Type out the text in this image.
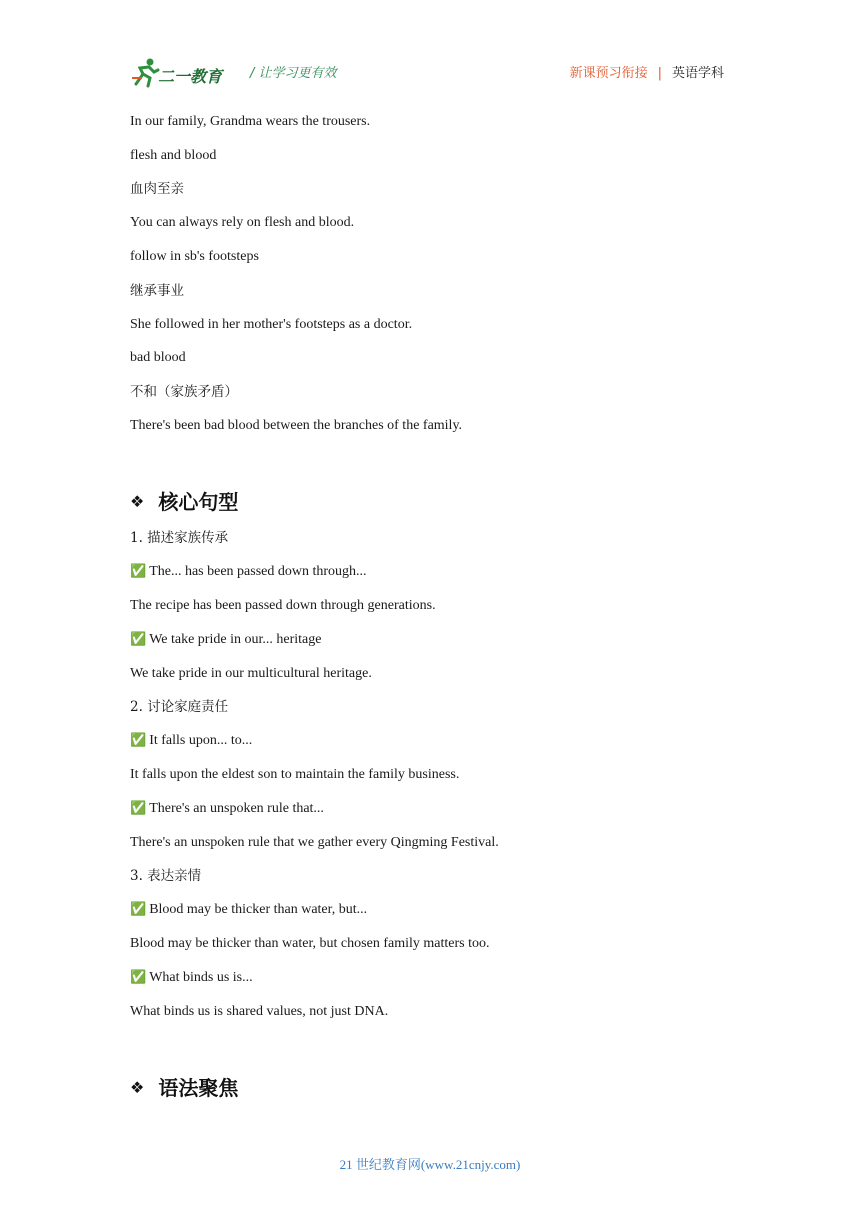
二一教育 / 让学习更有效	新课预习衔接 | 英语学科
In our family, Grandma wears the trousers.
flesh and blood
血肉至亲
You can always rely on flesh and blood.
follow in sb's footsteps
继承事业
She followed in her mother's footsteps as a doctor.
bad blood
不和（家族矛盾）
There's been bad blood between the branches of the family.
❖ 核心句型
1. 描述家族传承
✅ The... has been passed down through...
The recipe has been passed down through generations.
✅ We take pride in our... heritage
We take pride in our multicultural heritage.
2. 讨论家庭责任
✅ It falls upon... to...
It falls upon the eldest son to maintain the family business.
✅ There's an unspoken rule that...
There's an unspoken rule that we gather every Qingming Festival.
3. 表达亲情
✅ Blood may be thicker than water, but...
Blood may be thicker than water, but chosen family matters too.
✅ What binds us is...
What binds us is shared values, not just DNA.
❖ 语法聚焦
21 世纪教育网(www.21cnjy.com)
